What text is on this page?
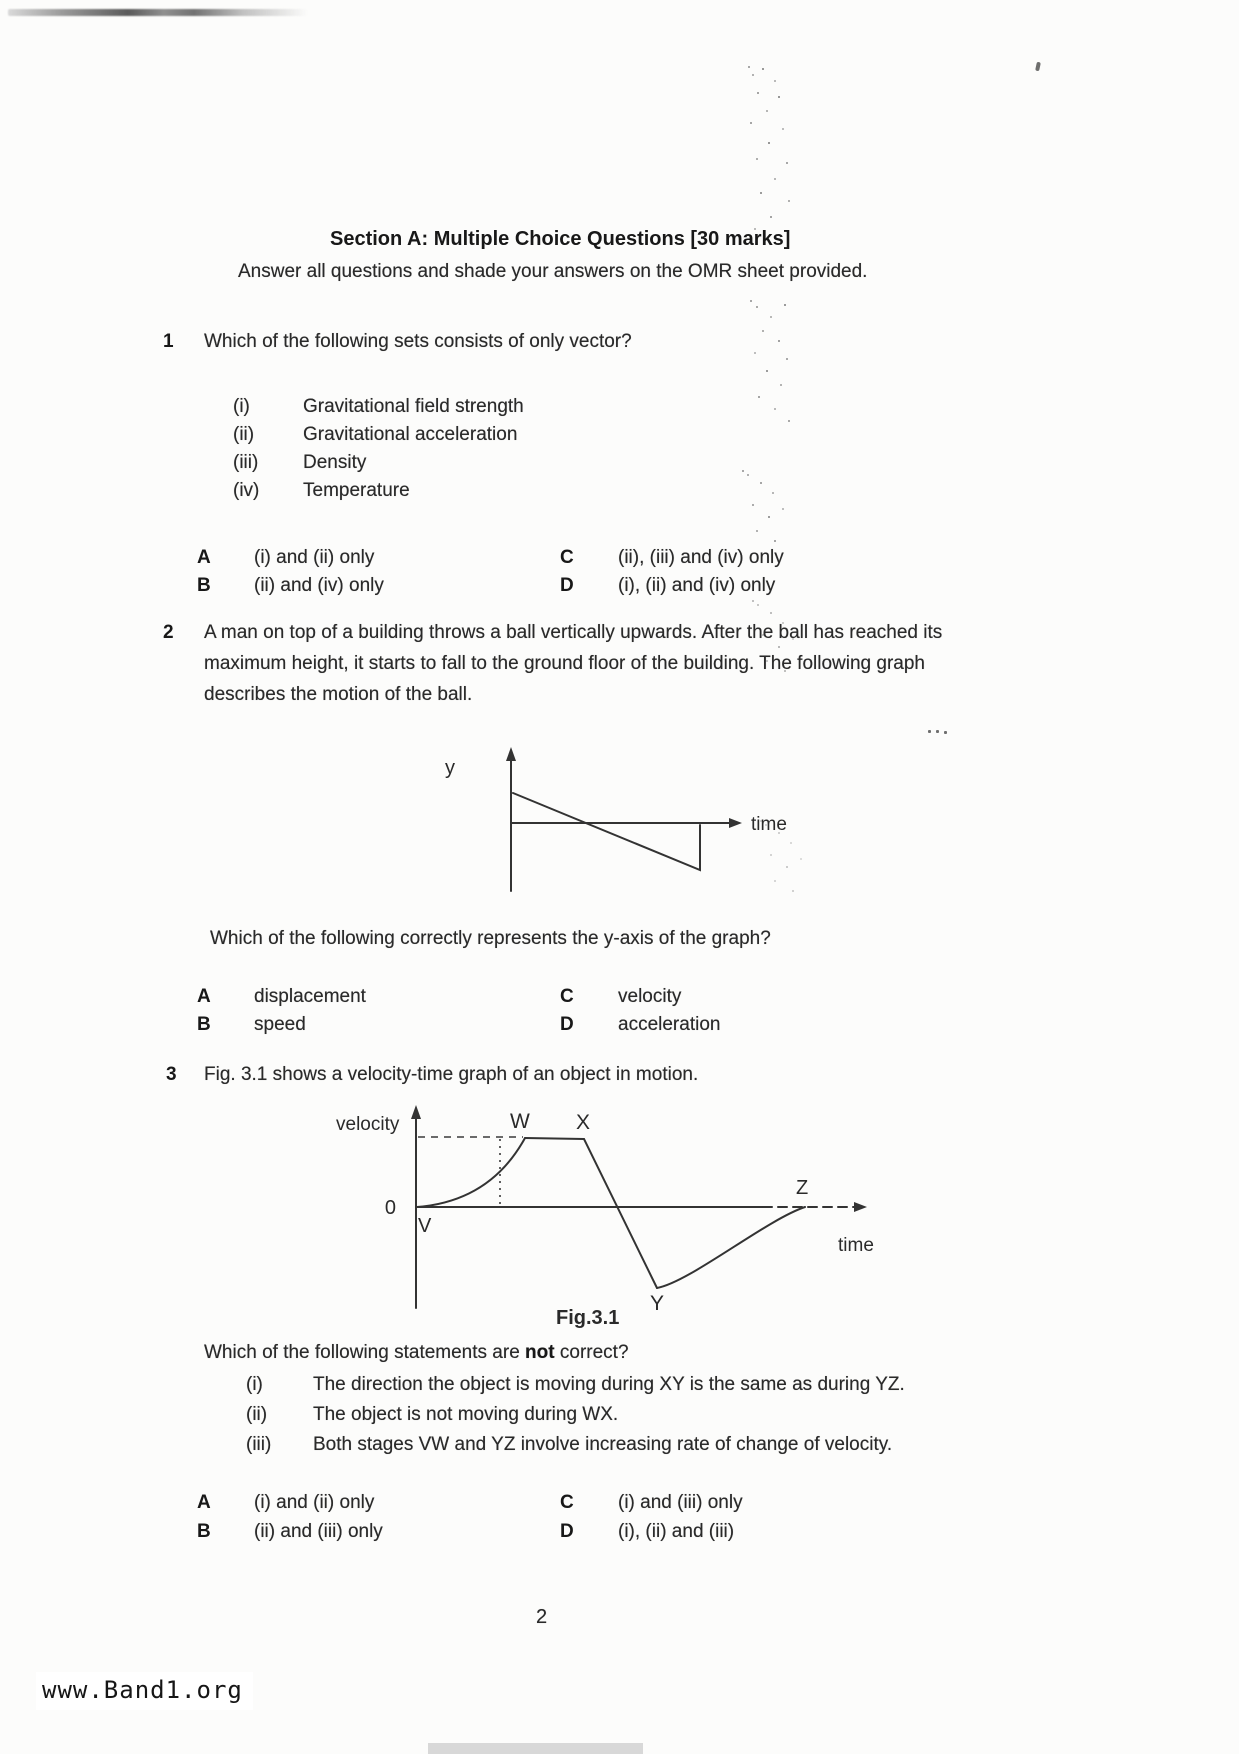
Section A: Multiple Choice Questions [30 marks]
Answer all questions and shade your answers on the OMR sheet provided.
1 Which of the following sets consists of only vector?
(i)	Gravitational field strength
(ii)	Gravitational acceleration
(iii) Density
(iv) Temperature
A (i) and (ii) only	C (ii), (iii) and (iv) only
B (ii) and (iv) only	D (i), (ii) and (iv) only
2 A man on top of a building throws a ball vertically upwards. After the ball has reached its
maximum height, it starts to fall to the ground floor of the building. The following graph
describes the motion of the ball.
y
time
Which of the following correctly represents the y-axis of the graph?
A displacement	C velocity
B speed	D acceleration
3 Fig. 3.1 shows a velocity-time graph of an object in motion.
velocity
0
V
W X
Y
Z
time
Fig.3.1
Which of the following statements are not correct?
(i)	The direction the object is moving during XY is the same as during YZ.
(ii) The object is not moving during WX.
(iii) Both stages VW and YZ involve increasing rate of change of velocity.
A (i) and (ii) only	C (i) and (iii) only
B (ii) and (iii) only	D (i), (ii) and (iii)
2
www.Band1.org
